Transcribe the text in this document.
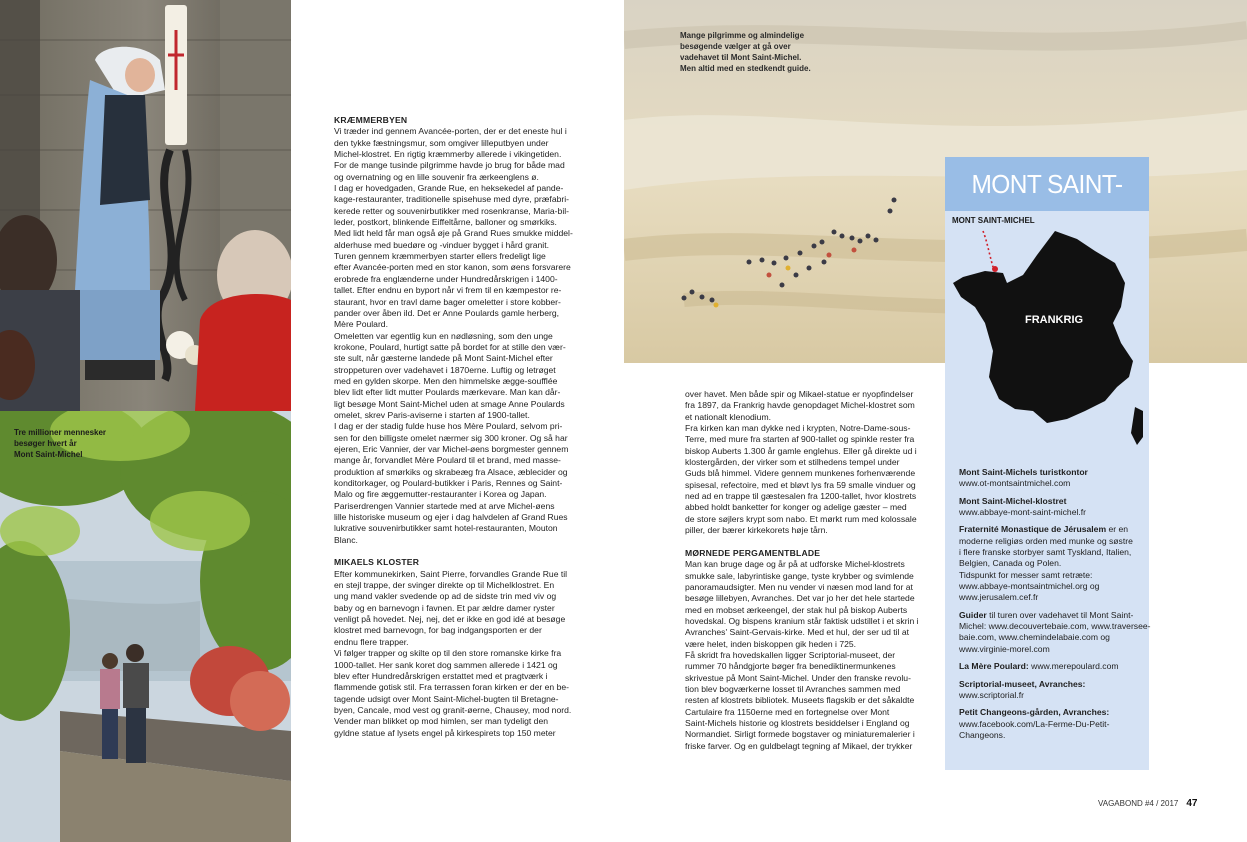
Tre millioner mennesker
besøger hvert år
Mont Saint-Michel
Mange pilgrimme og almindelige
besøgende vælger at gå over
vadehavet til Mont Saint-Michel.
Men altid med en stedkendt guide.
KRÆMMERBYEN
Vi træder ind gennem Avancée-porten, der er det eneste hul i
den tykke fæstningsmur, som omgiver lilleputbyen under
Michel-klostret. En rigtig kræmmerby allerede i vikingetiden.
For de mange tusinde pilgrimme havde jo brug for både mad
og overnatning og en lille souvenir fra ærkeenglens ø.
I dag er hovedgaden, Grande Rue, en heksekedel af pande-
kage-restauranter, traditionelle spisehuse med dyre, præfabri-
kerede retter og souvenirbutikker med rosenkranse, Maria-bil-
leder, postkort, blinkende Eiffeltårne, balloner og smørkiks.
Med lidt held får man også øje på Grand Rues smukke middel-
alderhuse med buedøre og -vinduer bygget i hård granit.
Turen gennem kræmmerbyen starter ellers fredeligt lige
efter Avancée-porten med en stor kanon, som øens forsvarere
erobrede fra englænderne under Hundredårskrigen i 1400-
tallet. Efter endnu en byport når vi frem til en kæmpestor re-
staurant, hvor en travl dame bager omeletter i store kobber-
pander over åben ild. Det er Anne Poulards gamle herberg,
Mère Poulard.
Omeletten var egentlig kun en nødløsning, som den unge
krokone, Poulard, hurtigt satte på bordet for at stille den vær-
ste sult, når gæsterne landede på Mont Saint-Michel efter
stroppeturen over vadehavet i 1870erne. Luftig og letrøget
med en gylden skorpe. Men den himmelske ægge-soufflée
blev lidt efter lidt mutter Poulards mærkevare. Man kan dår-
ligt besøge Mont Saint-Michel uden at smage Anne Poulards
omelet, skrev Paris-aviserne i starten af 1900-tallet.
I dag er der stadig fulde huse hos Mère Poulard, selvom pri-
sen for den billigste omelet nærmer sig 300 kroner. Og så har
ejeren, Eric Vannier, der var Michel-øens borgmester gennem
mange år, forvandlet Mère Poulard til et brand, med masse-
produktion af smørkiks og skrabeæg fra Alsace, æblecider og
konditorkager, og Poulard-butikker i Paris, Rennes og Saint-
Malo og fire æggemutter-restauranter i Korea og Japan.
Pariserdrengen Vannier startede med at arve Michel-øens
lille historiske museum og ejer i dag halvdelen af Grand Rues
lukrative souvenirbutikker samt hotel-restauranten, Mouton
Blanc.
MIKAELS KLOSTER
Efter kommunekirken, Saint Pierre, forvandles Grande Rue til
en stejl trappe, der svinger direkte op til Michelklostret. En
ung mand vakler svedende op ad de sidste trin med viv og
baby og en barnevogn i favnen. Et par ældre damer ryster
venligt på hovedet. Nej, nej, det er ikke en god idé at besøge
klostret med barnevogn, for bag indgangsporten er der
endnu flere trapper.
Vi følger trapper og skilte op til den store romanske kirke fra
1000-tallet. Her sank koret dog sammen allerede i 1421 og
blev efter Hundredårskrigen erstattet med et pragtværk i
flammende gotisk stil. Fra terrassen foran kirken er der en be-
tagende udsigt over Mont Saint-Michel-bugten til Bretagne-
byen, Cancale, mod vest og granit-øerne, Chausey, mod nord.
Vender man blikket op mod himlen, ser man tydeligt den
gyldne statue af lysets engel på kirkespirets top 150 meter
over havet. Men både spir og Mikael-statue er nyopfindelser
fra 1897, da Frankrig havde genopdaget Michel-klostret som
et nationalt klenodium.
Fra kirken kan man dykke ned i krypten, Notre-Dame-sous-
Terre, med mure fra starten af 900-tallet og spinkle rester fra
biskop Auberts 1.300 år gamle englehus. Eller gå direkte ud i
klostergården, der virker som et stilhedens tempel under
Guds blå himmel. Videre gennem munkenes forhenværende
spisesal, refectoire, med et bløvt lys fra 59 smalle vinduer og
ned ad en trappe til gæstesalen fra 1200-tallet, hvor klostrets
abbed holdt banketter for konger og adelige gæster – med
de store søjlers krypt som nabo. Et mørkt rum med kolossale
piller, der bærer kirkekorets høje tårn.
MØRNEDE PERGAMENTBLADE
Man kan bruge dage og år på at udforske Michel-klostrets
smukke sale, labyrintiske gange, tyste krybber og svimlende
panoramaudsigter. Men nu vender vi næsen mod land for at
besøge lillebyen, Avranches. Det var jo her det hele startede
med en mobset ærkeengel, der stak hul på biskop Auberts
hovedskal. Og bispens kranium står faktisk udstillet i et skrin i
Avranches' Saint-Gervais-kirke. Med et hul, der ser ud til at
være helet, inden biskoppen gik heden i 725.
Få skridt fra hovedskallen ligger Scriptorial-museet, der
rummer 70 håndgjorte bøger fra benediktinermunkenes
skrivestue på Mont Saint-Michel. Under den franske revolu-
tion blev bogværkerne losset til Avranches sammen med
resten af klostrets bibliotek. Museets flagskib er det såkaldte
Cartulaire fra 1150erne med en fortegnelse over Mont
Saint-Michels historie og klostrets besiddelser i England og
Normandiet. Sirligt formede bogstaver og miniaturemalerier i
friske farver. Og en guldbelagt tegning af Mikael, der trykker
MONT SAINT-
MONT SAINT-MICHEL
FRANKRIG
Mont Saint-Michels turistkontor
www.ot-montsaintmichel.com
Mont Saint-Michel-klostret
www.abbaye-mont-saint-michel.fr
Fraternité Monastique de Jérusalem er en
moderne religiøs orden med munke og søstre
i flere franske storbyer samt Tyskland, Italien,
Belgien, Canada og Polen.
Tidspunkt for messer samt retræte:
www.abbaye-montsaintmichel.org og
www.jerusalem.cef.fr
Guider til turen over vadehavet til Mont Saint-
Michel: www.decouvertebaie.com, www.traversee-
baie.com, www.chemindelabaie.com og
www.virginie-morel.com
La Mère Poulard: www.merepoulard.com
Scriptorial-museet, Avranches:
www.scriptorial.fr
Petit Changeons-gården, Avranches:
www.facebook.com/La-Ferme-Du-Petit-
Changeons.
VAGABOND #4 / 2017 47
